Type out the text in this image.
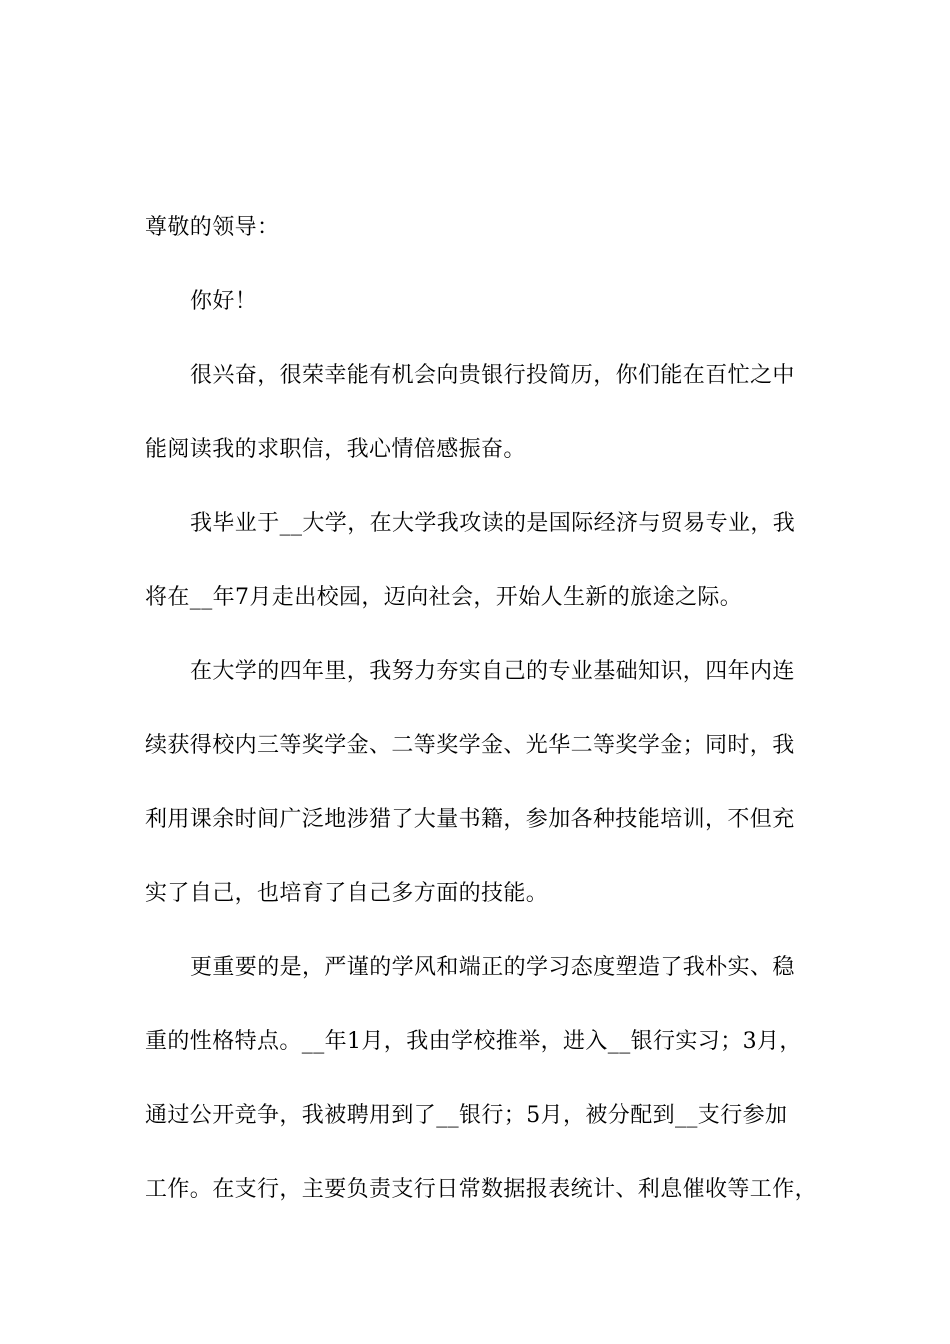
尊敬的领导：
你好！
很兴奋，很荣幸能有机会向贵银行投简历，你们能在百忙之中
能阅读我的求职信，我心情倍感振奋。
我毕业于__大学，在大学我攻读的是国际经济与贸易专业，我
将在__年7月走出校园，迈向社会，开始人生新的旅途之际。
在大学的四年里，我努力夯实自己的专业基础知识，四年内连
续获得校内三等奖学金、二等奖学金、光华二等奖学金；同时，我
利用课余时间广泛地涉猎了大量书籍，参加各种技能培训，不但充
实了自己，也培育了自己多方面的技能。
更重要的是，严谨的学风和端正的学习态度塑造了我朴实、稳
重的性格特点。__年1月，我由学校推举，进入__银行实习；3月，
通过公开竞争，我被聘用到了__银行；5月，被分配到__支行参加
工作。在支行，主要负责支行日常数据报表统计、利息催收等工作，
